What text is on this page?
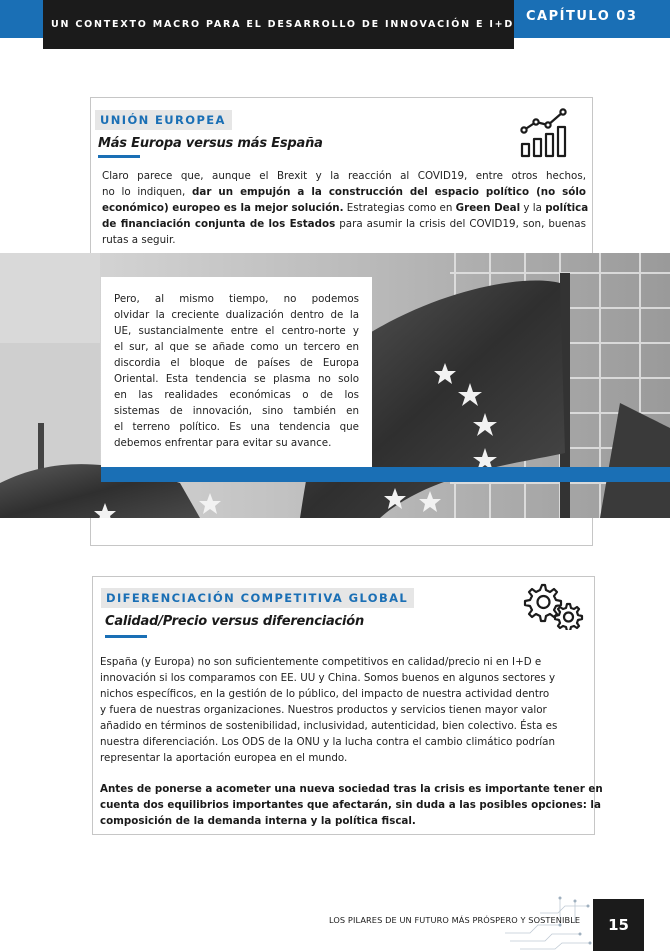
UN CONTEXTO MACRO PARA EL DESARROLLO DE INNOVACIÓN E I+D
CAPÍTULO 03
UNIÓN EUROPEA
Más Europa versus más España
Claro parece que, aunque el Brexit y la reacción al COVID19, entre otros hechos,
no lo indiquen, dar un empujón a la construcción del espacio político (no sólo
económico) europeo es la mejor solución. Estrategias como en Green Deal y la política
de financiación conjunta de los Estados para asumir la crisis del COVID19, son, buenas
rutas a seguir.
Pero, al mismo tiempo, no podemos
olvidar la creciente dualización dentro de la
UE, sustancialmente entre el centro-norte y
el sur, al que se añade como un tercero en
discordia el bloque de países de Europa
Oriental. Esta tendencia se plasma no solo
en las realidades económicas o de los
sistemas de innovación, sino también en
el terreno político. Es una tendencia que
debemos enfrentar para evitar su avance.
DIFERENCIACIÓN COMPETITIVA GLOBAL
Calidad/Precio versus diferenciación
España (y Europa) no son suficientemente competitivos en calidad/precio ni en I+D e
innovación si los comparamos con EE. UU y China. Somos buenos en algunos sectores y
nichos específicos, en la gestión de lo público, del impacto de nuestra actividad dentro
y fuera de nuestras organizaciones. Nuestros productos y servicios tienen mayor valor
añadido en términos de sostenibilidad, inclusividad, autenticidad, bien colectivo. Ésta es
nuestra diferenciación. Los ODS de la ONU y la lucha contra el cambio climático podrían
representar la aportación europea en el mundo.
Antes de ponerse a acometer una nueva sociedad tras la crisis es importante tener en
cuenta dos equilibrios importantes que afectarán, sin duda a las posibles opciones: la
composición de la demanda interna y la política fiscal.
LOS PILARES DE UN FUTURO MÁS PRÓSPERO Y SOSTENIBLE	15
